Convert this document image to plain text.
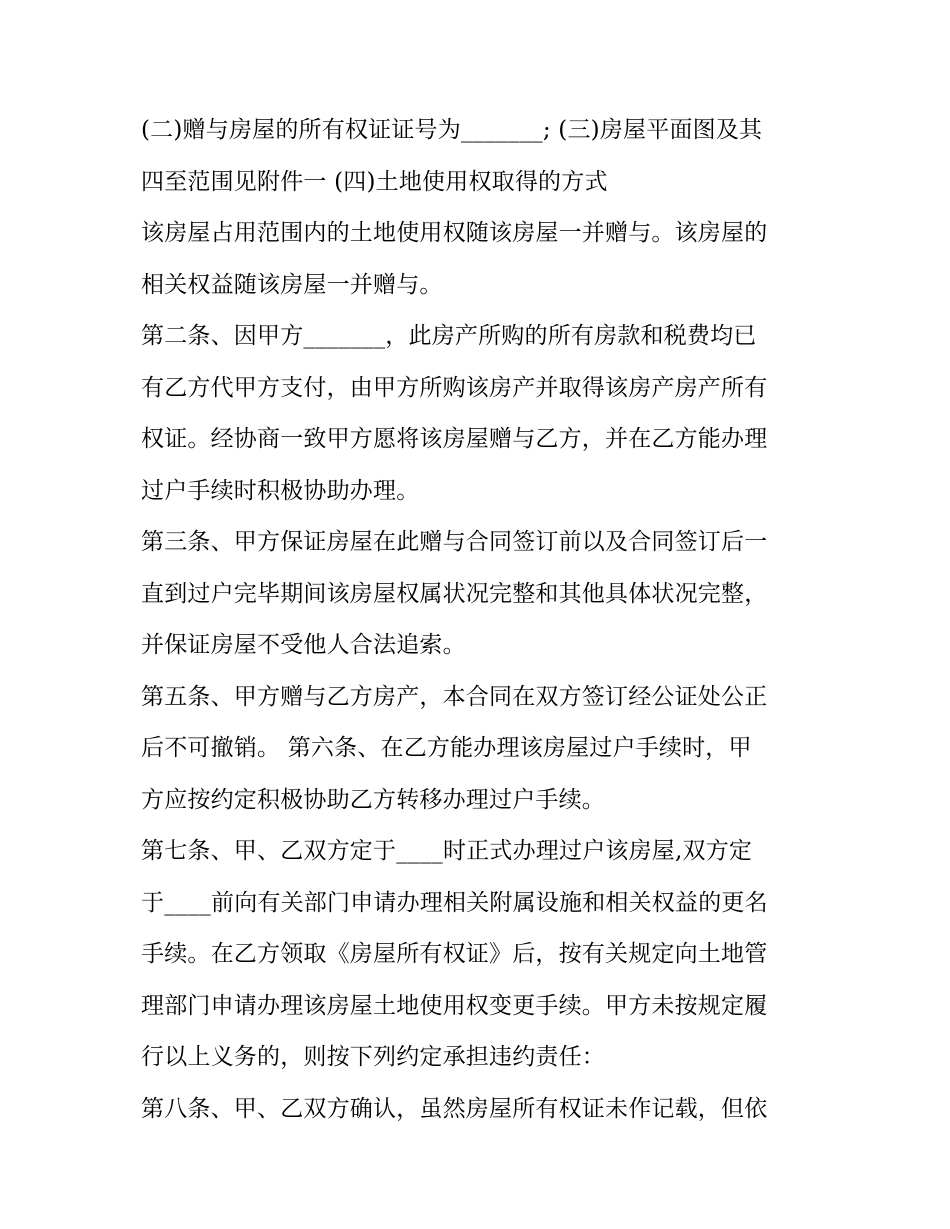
(二)赠与房屋的所有权证证号为_______; (三)房屋平面图及其
四至范围见附件一 (四)土地使用权取得的方式
该房屋占用范围内的土地使用权随该房屋一并赠与。该房屋的
相关权益随该房屋一并赠与。
第二条、因甲方_______，此房产所购的所有房款和税费均已
有乙方代甲方支付，由甲方所购该房产并取得该房产房产所有
权证。经协商一致甲方愿将该房屋赠与乙方，并在乙方能办理
过户手续时积极协助办理。
第三条、甲方保证房屋在此赠与合同签订前以及合同签订后一
直到过户完毕期间该房屋权属状况完整和其他具体状况完整，
并保证房屋不受他人合法追索。
第五条、甲方赠与乙方房产，本合同在双方签订经公证处公正
后不可撤销。 第六条、在乙方能办理该房屋过户手续时，甲
方应按约定积极协助乙方转移办理过户手续。
第七条、甲、乙双方定于____时正式办理过户该房屋,双方定
于____前向有关部门申请办理相关附属设施和相关权益的更名
手续。在乙方领取《房屋所有权证》后，按有关规定向土地管
理部门申请办理该房屋土地使用权变更手续。甲方未按规定履
行以上义务的，则按下列约定承担违约责任：
第八条、甲、乙双方确认，虽然房屋所有权证未作记载，但依
